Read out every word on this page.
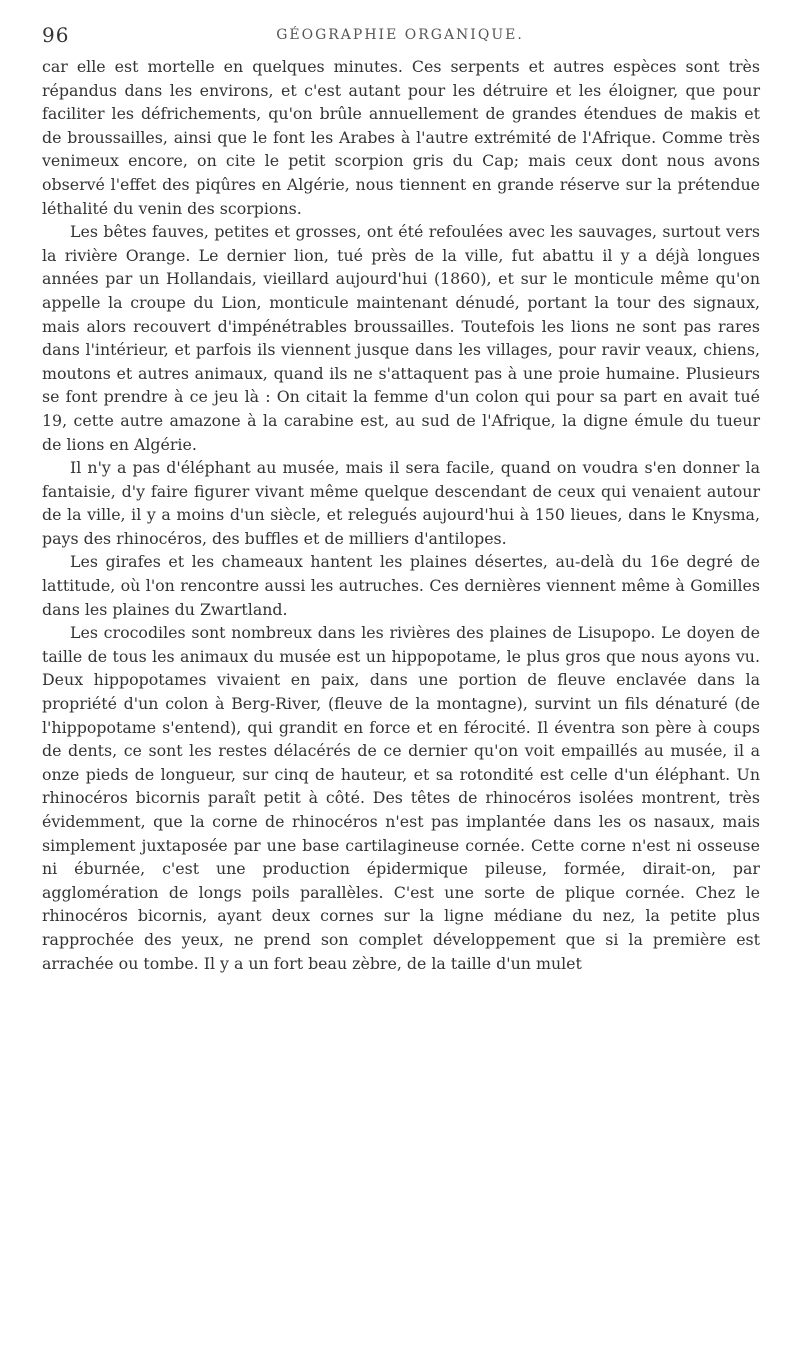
96	GÉOGRAPHIE ORGANIQUE.

car elle est mortelle en quelques minutes. Ces serpents et autres espèces sont très répandus dans les environs, et c'est autant pour les détruire et les éloigner, que pour faciliter les défrichements, qu'on brûle annuellement de grandes étendues de makis et de broussailles, ainsi que le font les Arabes à l'autre extrémité de l'Afrique. Comme très venimeux encore, on cite le petit scorpion gris du Cap; mais ceux dont nous avons observé l'effet des piqûres en Algérie, nous tiennent en grande réserve sur la prétendue léthalité du venin des scorpions.

Les bêtes fauves, petites et grosses, ont été refoulées avec les sauvages, surtout vers la rivière Orange. Le dernier lion, tué près de la ville, fut abattu il y a déjà longues années par un Hollandais, vieillard aujourd'hui (1860), et sur le monticule même qu'on appelle la croupe du Lion, monticule maintenant dénudé, portant la tour des signaux, mais alors recouvert d'impénétrables broussailles. Toutefois les lions ne sont pas rares dans l'intérieur, et parfois ils viennent jusque dans les villages, pour ravir veaux, chiens, moutons et autres animaux, quand ils ne s'attaquent pas à une proie humaine. Plusieurs se font prendre à ce jeu là : On citait la femme d'un colon qui pour sa part en avait tué 19, cette autre amazone à la carabine est, au sud de l'Afrique, la digne émule du tueur de lions en Algérie.

Il n'y a pas d'éléphant au musée, mais il sera facile, quand on voudra s'en donner la fantaisie, d'y faire figurer vivant même quelque descendant de ceux qui venaient autour de la ville, il y a moins d'un siècle, et relegués aujourd'hui à 150 lieues, dans le Knysma, pays des rhinocéros, des buffles et de milliers d'antilopes.

Les girafes et les chameaux hantent les plaines désertes, au-delà du 16e degré de lattitude, où l'on rencontre aussi les autruches. Ces dernières viennent même à Gomilles dans les plaines du Zwartland.

Les crocodiles sont nombreux dans les rivières des plaines de Lisupopo. Le doyen de taille de tous les animaux du musée est un hippopotame, le plus gros que nous ayons vu. Deux hippopotames vivaient en paix, dans une portion de fleuve enclavée dans la propriété d'un colon à Berg-River, (fleuve de la montagne), survint un fils dénaturé (de l'hippopotame s'entend), qui grandit en force et en férocité. Il éventra son père à coups de dents, ce sont les restes délacérés de ce dernier qu'on voit empaillés au musée, il a onze pieds de longueur, sur cinq de hauteur, et sa rotondité est celle d'un éléphant. Un rhinocéros bicornis paraît petit à côté. Des têtes de rhinocéros isolées montrent, très évidemment, que la corne de rhinocéros n'est pas implantée dans les os nasaux, mais simplement juxtaposée par une base cartilagineuse cornée. Cette corne n'est ni osseuse ni éburnée, c'est une production épidermique pileuse, formée, dirait-on, par agglomération de longs poils parallèles. C'est une sorte de plique cornée. Chez le rhinocéros bicornis, ayant deux cornes sur la ligne médiane du nez, la petite plus rapprochée des yeux, ne prend son complet développement que si la première est arrachée ou tombe. Il y a un fort beau zèbre, de la taille d'un mulet
